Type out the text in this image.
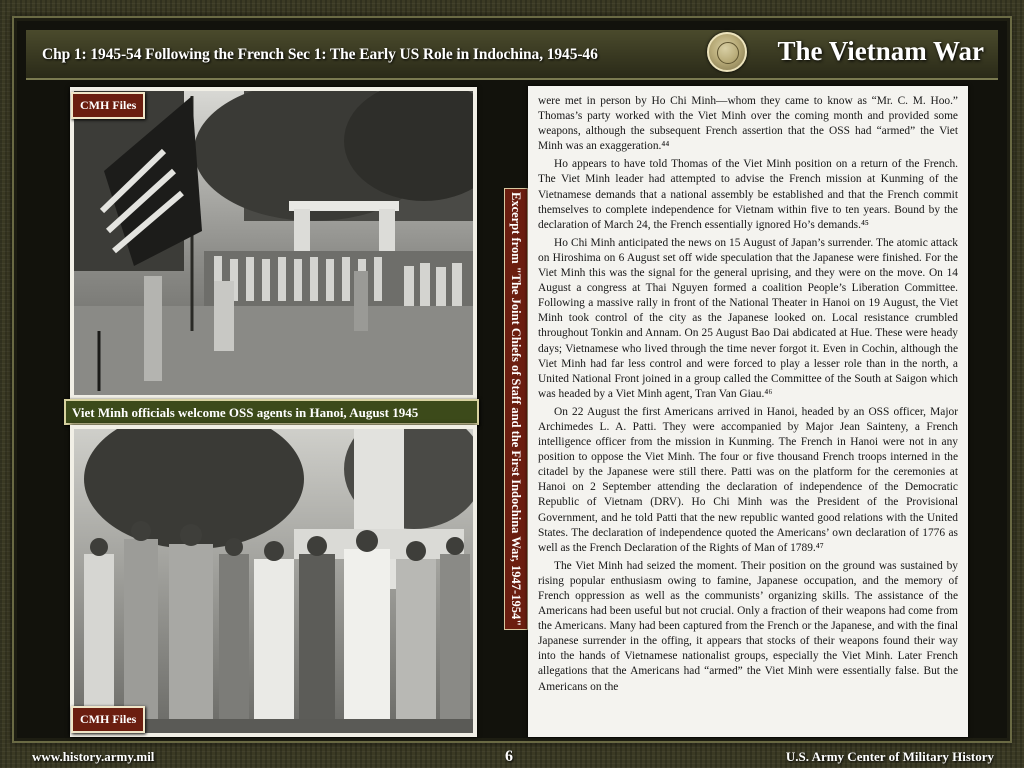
Chp 1: 1945-54 Following the French Sec 1: The Early US Role in Indochina, 1945-46	The Vietnam War
CMH Files
Viet Minh officials welcome OSS agents in Hanoi, August 1945
CMH Files
Excerpt from "The Joint Chiefs of Staff and the First Indochina War, 1947-1954"

were met in person by Ho Chi Minh—whom they came to know as “Mr. C. M. Hoo.” Thomas’s party worked with the Viet Minh over the coming month and provided some weapons, although the subsequent French assertion that the OSS had “armed” the Viet Minh was an exaggeration.⁴⁴

Ho appears to have told Thomas of the Viet Minh position on a return of the French. The Viet Minh leader had attempted to advise the French mission at Kunming of the Vietnamese demands that a national assembly be established and that the French commit themselves to complete independence for Vietnam within five to ten years. Bound by the declaration of March 24, the French essentially ignored Ho’s demands.⁴⁵

Ho Chi Minh anticipated the news on 15 August of Japan’s surrender. The atomic attack on Hiroshima on 6 August set off wide speculation that the Japanese were finished. For the Viet Minh this was the signal for the general uprising, and they were on the move. On 14 August a congress at Thai Nguyen formed a coalition People’s Liberation Committee. Following a massive rally in front of the National Theater in Hanoi on 19 August, the Viet Minh took control of the city as the Japanese looked on. Local resistance crumbled throughout Tonkin and Annam. On 25 August Bao Dai abdicated at Hue. These were heady days; Vietnamese who lived through the time never forgot it. Even in Cochin, although the Viet Minh had far less control and were forced to play a lesser role than in the north, a United National Front joined in a group called the Committee of the South at Saigon which was headed by a Viet Minh agent, Tran Van Giau.⁴⁶

On 22 August the first Americans arrived in Hanoi, headed by an OSS officer, Major Archimedes L. A. Patti. They were accompanied by Major Jean Sainteny, a French intelligence officer from the mission in Kunming. The French in Hanoi were not in any position to oppose the Viet Minh. The four or five thousand French troops interned in the citadel by the Japanese were still there. Patti was on the platform for the ceremonies at Hanoi on 2 September attending the declaration of independence of the Democratic Republic of Vietnam (DRV). Ho Chi Minh was the President of the Provisional Government, and he told Patti that the new republic wanted good relations with the United States. The declaration of independence quoted the Americans’ own declaration of 1776 as well as the French Declaration of the Rights of Man of 1789.⁴⁷

The Viet Minh had seized the moment. Their position on the ground was sustained by rising popular enthusiasm owing to famine, Japanese occupation, and the memory of French oppression as well as the communists’ organizing skills. The assistance of the Americans had been useful but not crucial. Only a fraction of their weapons had come from the Americans. Many had been captured from the French or the Japanese, and with the final Japanese surrender in the offing, it appears that stocks of their weapons found their way into the hands of Vietnamese nationalist groups, especially the Viet Minh. Later French allegations that the Americans had “armed” the Viet Minh were essentially false. But the Americans on the

www.history.army.mil	6	U.S. Army Center of Military History
